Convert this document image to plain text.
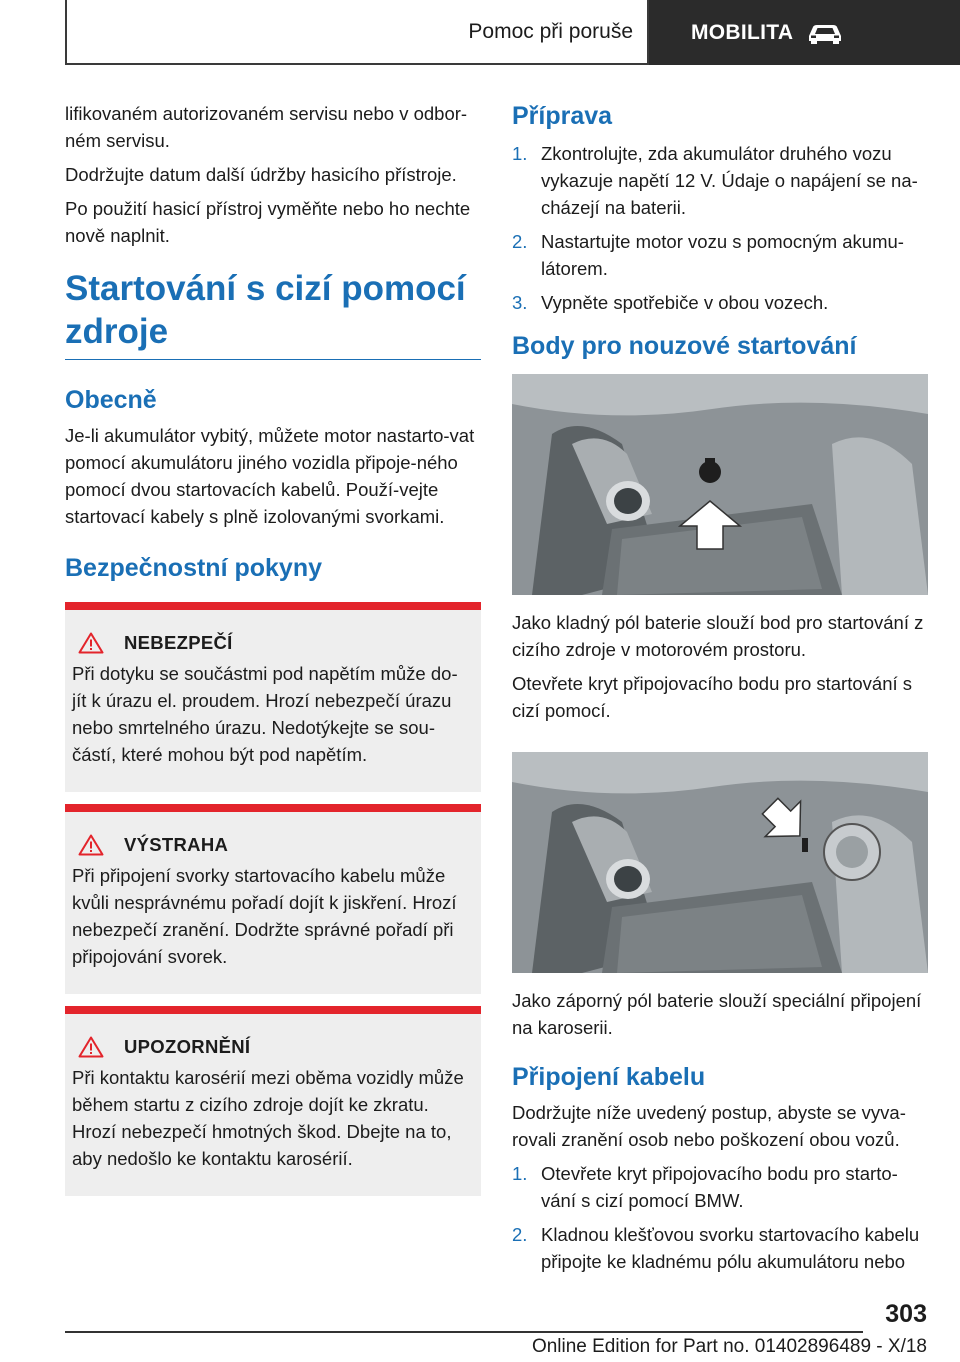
Pomoc při poruše	MOBILITA

lifikovaném autorizovaném servisu nebo v odbor-ném servisu.

Dodržujte datum další údržby hasicího přístroje.

Po použití hasicí přístroj vyměňte nebo ho nechte nově naplnit.

Startování s cizí pomocí zdroje
Obecně

Je-li akumulátor vybitý, můžete motor nastarto-vat pomocí akumulátoru jiného vozidla připoje-ného pomocí dvou startovacích kabelů. Použí-vejte startovací kabely s plně izolovanými svorkami.

Bezpečnostní pokyny
NEBEZPEČÍ

Při dotyku se součástmi pod napětím může do-jít k úrazu el. proudem. Hrozí nebezpečí úrazu nebo smrtelného úrazu. Nedotýkejte se sou-částí, které mohou být pod napětím.

VÝSTRAHA

Při připojení svorky startovacího kabelu může kvůli nesprávnému pořadí dojít k jiskření. Hrozí nebezpečí zranění. Dodržte správné pořadí při připojování svorek.

UPOZORNĚNÍ

Při kontaktu karosérií mezi oběma vozidly může během startu z cizího zdroje dojít ke zkratu. Hrozí nebezpečí hmotných škod. Dbejte na to, aby nedošlo ke kontaktu karosérií.

Příprava
1. Zkontrolujte, zda akumulátor druhého vozu vykazuje napětí 12 V. Údaje o napájení se na-cházejí na baterii.
2. Nastartujte motor vozu s pomocným akumu-látorem.
3. Vypněte spotřebiče v obou vozech.
Body pro nouzové startování

Jako kladný pól baterie slouží bod pro startování z cizího zdroje v motorovém prostoru.

Otevřete kryt připojovacího bodu pro startování s cizí pomocí.

Jako záporný pól baterie slouží speciální připojení na karoserii.

Připojení kabelu

Dodržujte níže uvedený postup, abyste se vyva-rovali zranění osob nebo poškození obou vozů.

1. Otevřete kryt připojovacího bodu pro starto-vání s cizí pomocí BMW.
2. Kladnou klešťovou svorku startovacího kabelu připojte ke kladnému pólu akumulátoru nebo
303
Online Edition for Part no. 01402896489 - X/18
